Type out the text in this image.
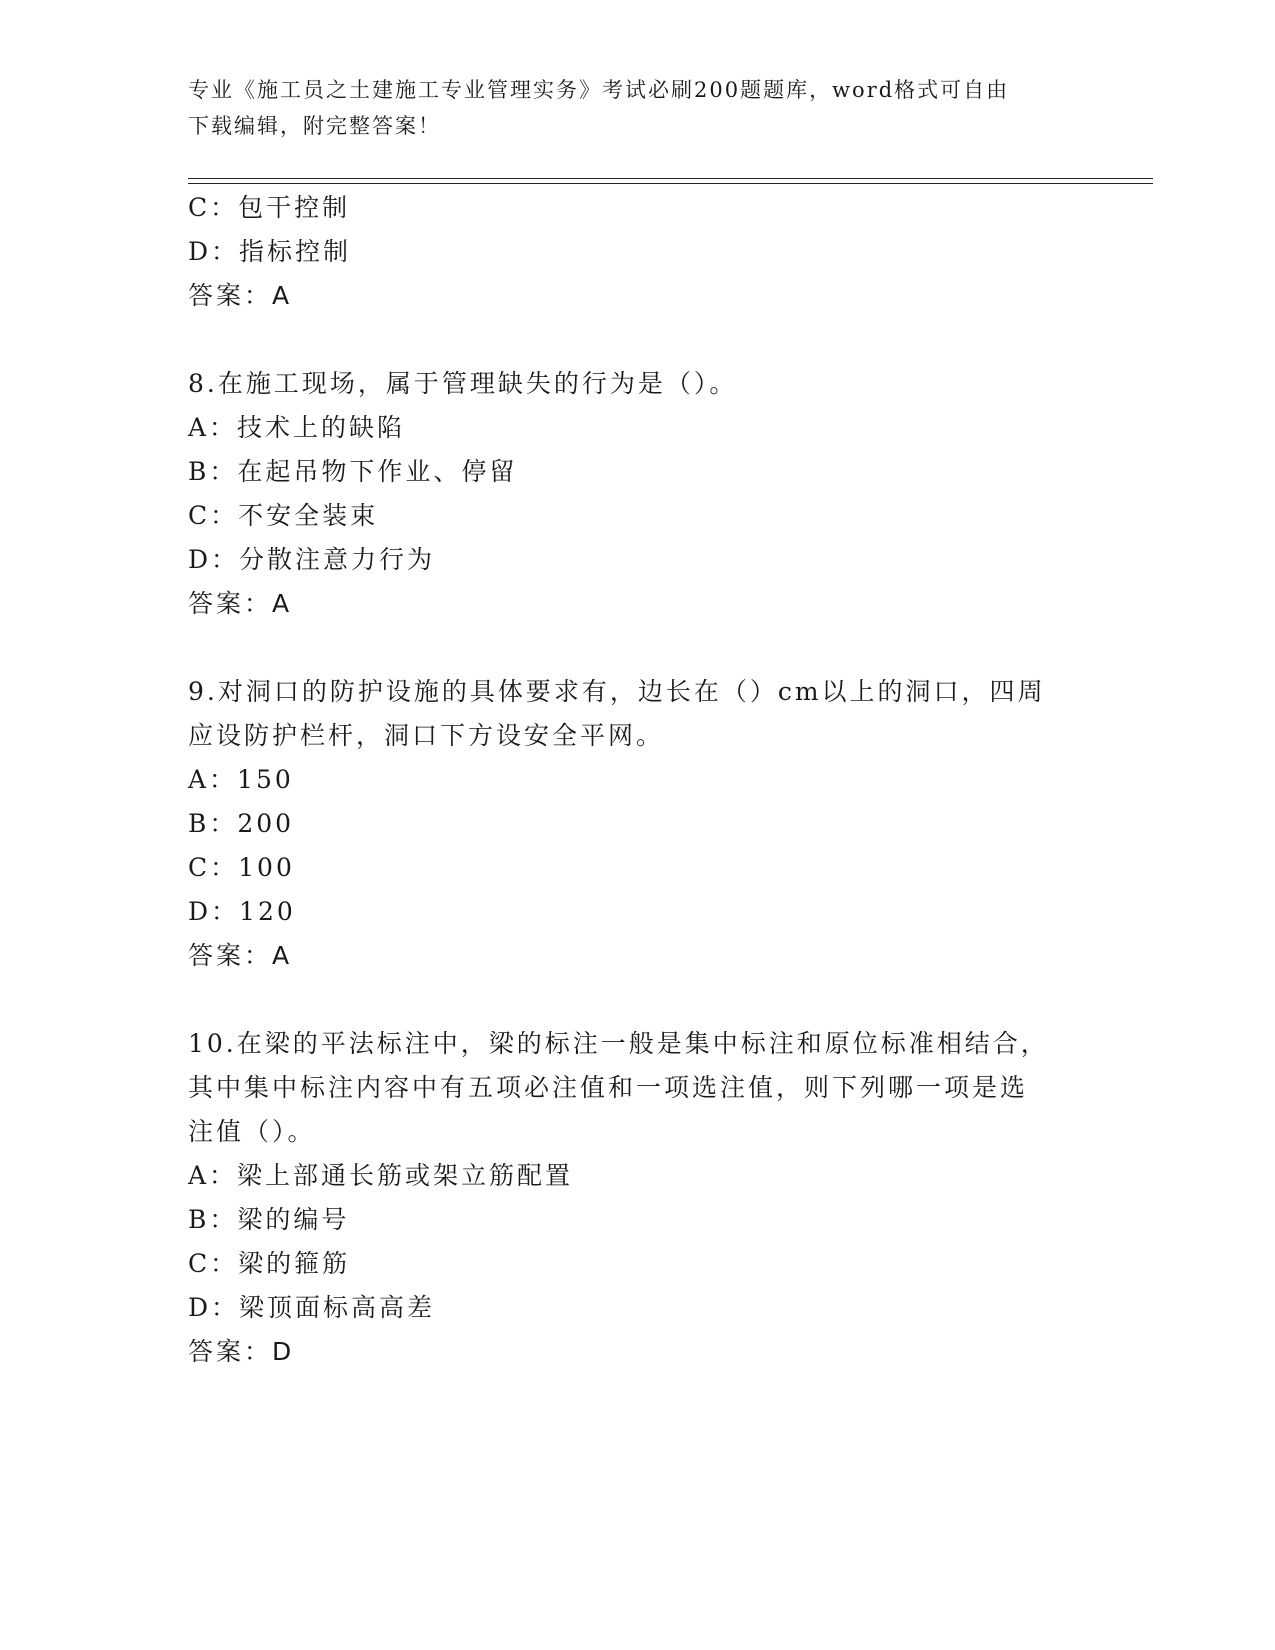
专业《施工员之土建施工专业管理实务》考试必刷200题题库，word格式可自由
下载编辑，附完整答案！
C：包干控制
D：指标控制
答案：A
8.在施工现场，属于管理缺失的行为是（）。
A：技术上的缺陷
B：在起吊物下作业、停留
C：不安全装束
D：分散注意力行为
答案：A
9.对洞口的防护设施的具体要求有，边长在（）cm以上的洞口，四周
应设防护栏杆，洞口下方设安全平网。
A：150
B：200
C：100
D：120
答案：A
10.在梁的平法标注中，梁的标注一般是集中标注和原位标准相结合，
其中集中标注内容中有五项必注值和一项选注值，则下列哪一项是选
注值（）。
A：梁上部通长筋或架立筋配置
B：梁的编号
C：梁的箍筋
D：梁顶面标高高差
答案：D
